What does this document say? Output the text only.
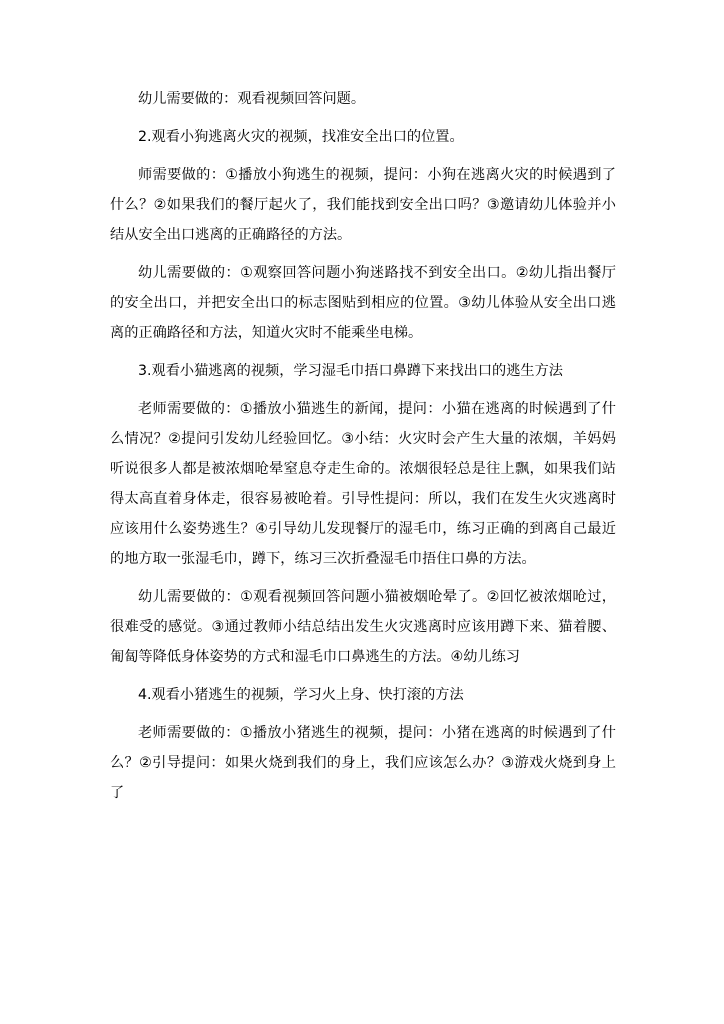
幼儿需要做的：观看视频回答问题。

2.观看小狗逃离火灾的视频，找准安全出口的位置。

师需要做的：①播放小狗逃生的视频，提问：小狗在逃离火灾的时候遇到了什么？②如果我们的餐厅起火了，我们能找到安全出口吗？③邀请幼儿体验并小结从安全出口逃离的正确路径的方法。

幼儿需要做的：①观察回答问题小狗迷路找不到安全出口。②幼儿指出餐厅的安全出口，并把安全出口的标志图贴到相应的位置。③幼儿体验从安全出口逃离的正确路径和方法，知道火灾时不能乘坐电梯。

3.观看小猫逃离的视频，学习湿毛巾捂口鼻蹲下来找出口的逃生方法

老师需要做的：①播放小猫逃生的新闻，提问：小猫在逃离的时候遇到了什么情况？②提问引发幼儿经验回忆。③小结：火灾时会产生大量的浓烟，羊妈妈听说很多人都是被浓烟呛晕窒息夺走生命的。浓烟很轻总是往上飘，如果我们站得太高直着身体走，很容易被呛着。引导性提问：所以，我们在发生火灾逃离时应该用什么姿势逃生？④引导幼儿发现餐厅的湿毛巾，练习正确的到离自己最近的地方取一张湿毛巾，蹲下，练习三次折叠湿毛巾捂住口鼻的方法。

幼儿需要做的：①观看视频回答问题小猫被烟呛晕了。②回忆被浓烟呛过，很难受的感觉。③通过教师小结总结出发生火灾逃离时应该用蹲下来、猫着腰、匍匐等降低身体姿势的方式和湿毛巾口鼻逃生的方法。④幼儿练习

4.观看小猪逃生的视频，学习火上身、快打滚的方法

老师需要做的：①播放小猪逃生的视频，提问：小猪在逃离的时候遇到了什么？②引导提问：如果火烧到我们的身上，我们应该怎么办？③游戏火烧到身上了
